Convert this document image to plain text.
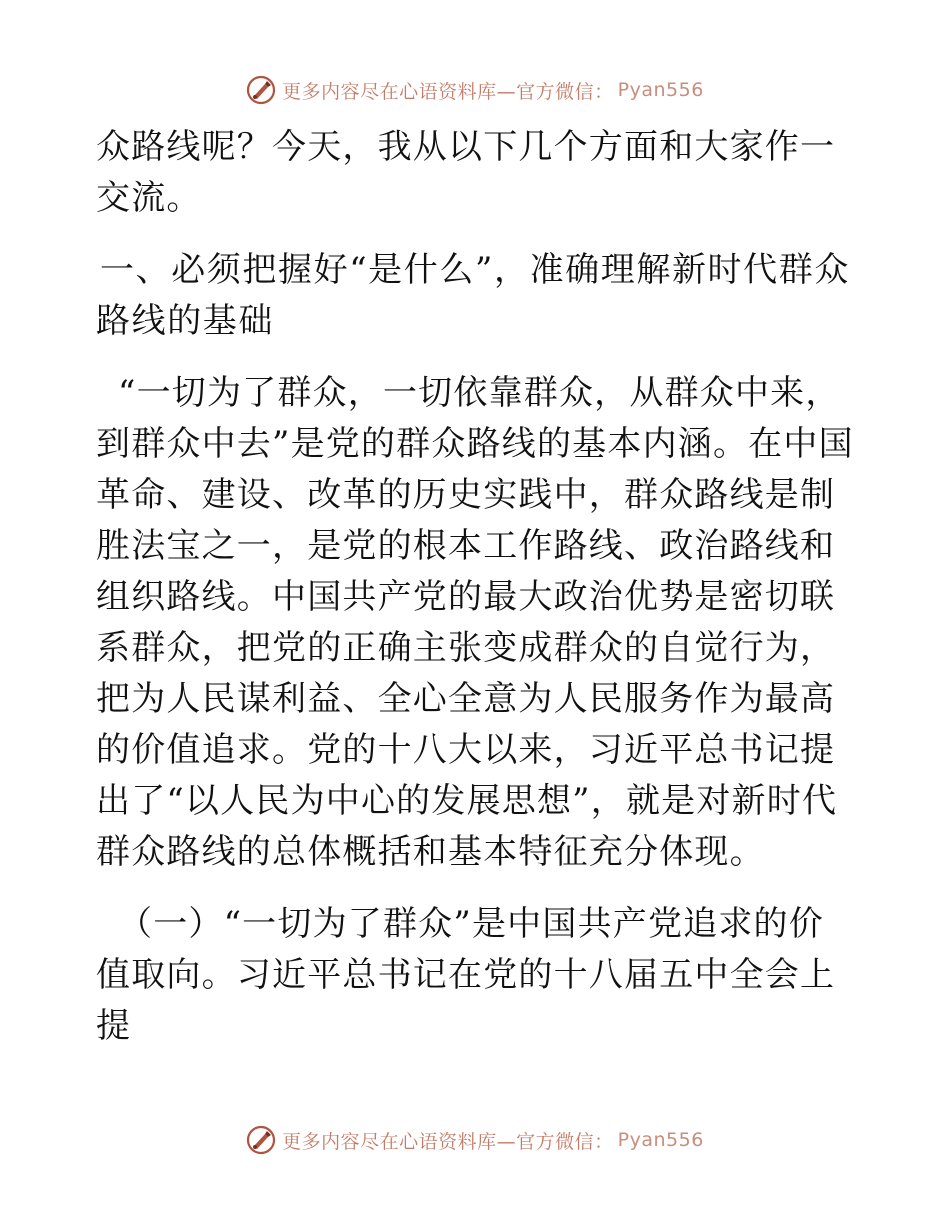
更多内容尽在心语资料库—官方微信： Pyan556

众路线呢？今天，我从以下几个方面和大家作一交流。

一、必须把握好“是什么”，准确理解新时代群众路线的基础

“一切为了群众，一切依靠群众，从群众中来，到群众中去”是党的群众路线的基本内涵。在中国革命、建设、改革的历史实践中，群众路线是制胜法宝之一，是党的根本工作路线、政治路线和组织路线。中国共产党的最大政治优势是密切联系群众，把党的正确主张变成群众的自觉行为，把为人民谋利益、全心全意为人民服务作为最高的价值追求。党的十八大以来，习近平总书记提出了“以人民为中心的发展思想”，就是对新时代群众路线的总体概括和基本特征充分体现。

（一）“一切为了群众”是中国共产党追求的价值取向。习近平总书记在党的十八届五中全会上提

更多内容尽在心语资料库—官方微信： Pyan556
